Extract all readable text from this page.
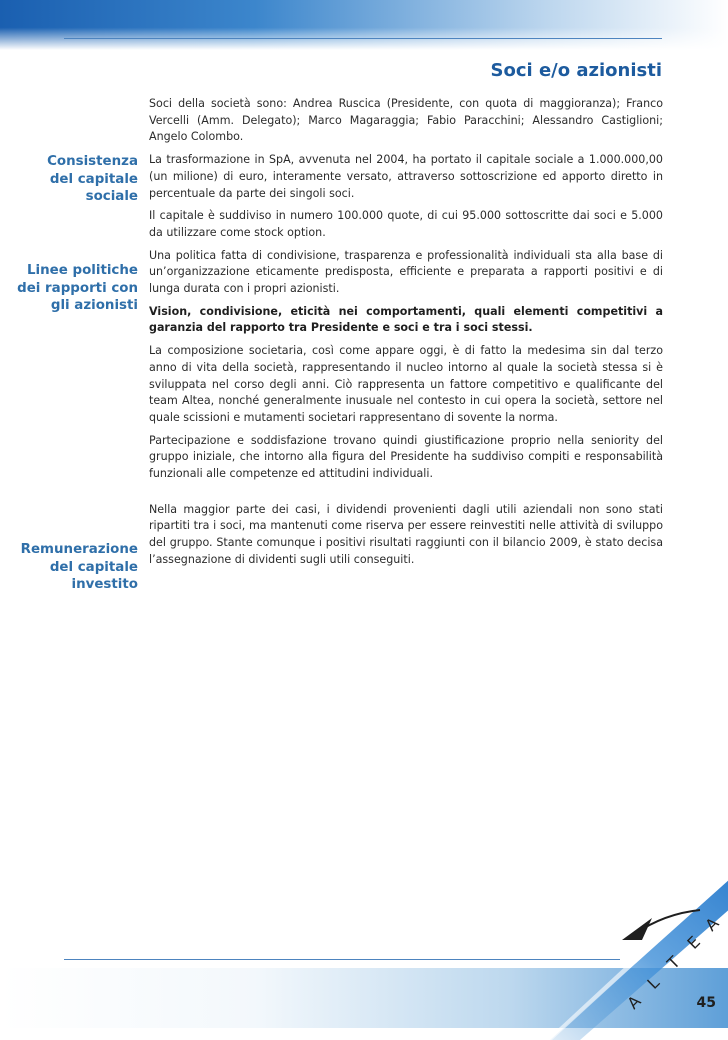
Soci e/o azionisti

Consistenza
del capitale
sociale

Linee politiche
dei rapporti con
gli azionisti

Remunerazione
del capitale
investito

Soci della società sono: Andrea Ruscica (Presidente, con quota di maggioranza); Franco Vercelli (Amm. Delegato); Marco Magaraggia; Fabio Paracchini; Alessandro Castiglioni; Angelo Colombo.

La trasformazione in SpA, avvenuta nel 2004, ha portato il capitale sociale a 1.000.000,00 (un milione) di euro, interamente versato, attraverso sottoscrizione ed apporto diretto in percentuale da parte dei singoli soci.

Il capitale è suddiviso in numero 100.000 quote, di cui 95.000 sottoscritte dai soci e 5.000 da utilizzare come stock option.

Una politica fatta di condivisione, trasparenza e professionalità individuali sta alla base di un’organizzazione eticamente predisposta, efficiente e preparata a rapporti positivi e di lunga durata con i propri azionisti.

Vision, condivisione, eticità nei comportamenti, quali elementi competitivi a garanzia del rapporto tra Presidente e soci e tra i soci stessi.

La composizione societaria, così come appare oggi, è di fatto la medesima sin dal terzo anno di vita della società, rappresentando il nucleo intorno al quale la società stessa si è sviluppata nel corso degli anni. Ciò rappresenta un fattore competitivo e qualificante del team Altea, nonché generalmente inusuale nel contesto in cui opera la società, settore nel quale scissioni e mutamenti societari rappresentano di sovente la norma.

Partecipazione e soddisfazione trovano quindi giustificazione proprio nella seniority del gruppo iniziale, che intorno alla figura del Presidente ha suddiviso compiti e responsabilità funzionali alle competenze ed attitudini individuali.

Nella maggior parte dei casi, i dividendi provenienti dagli utili aziendali non sono stati ripartiti tra i soci, ma mantenuti come riserva per essere reinvestiti nelle attività di sviluppo del gruppo. Stante comunque i positivi risultati raggiunti con il bilancio 2009, è stato decisa l’assegnazione di dividenti sugli utili conseguiti.

A
L
T
E
A

45
